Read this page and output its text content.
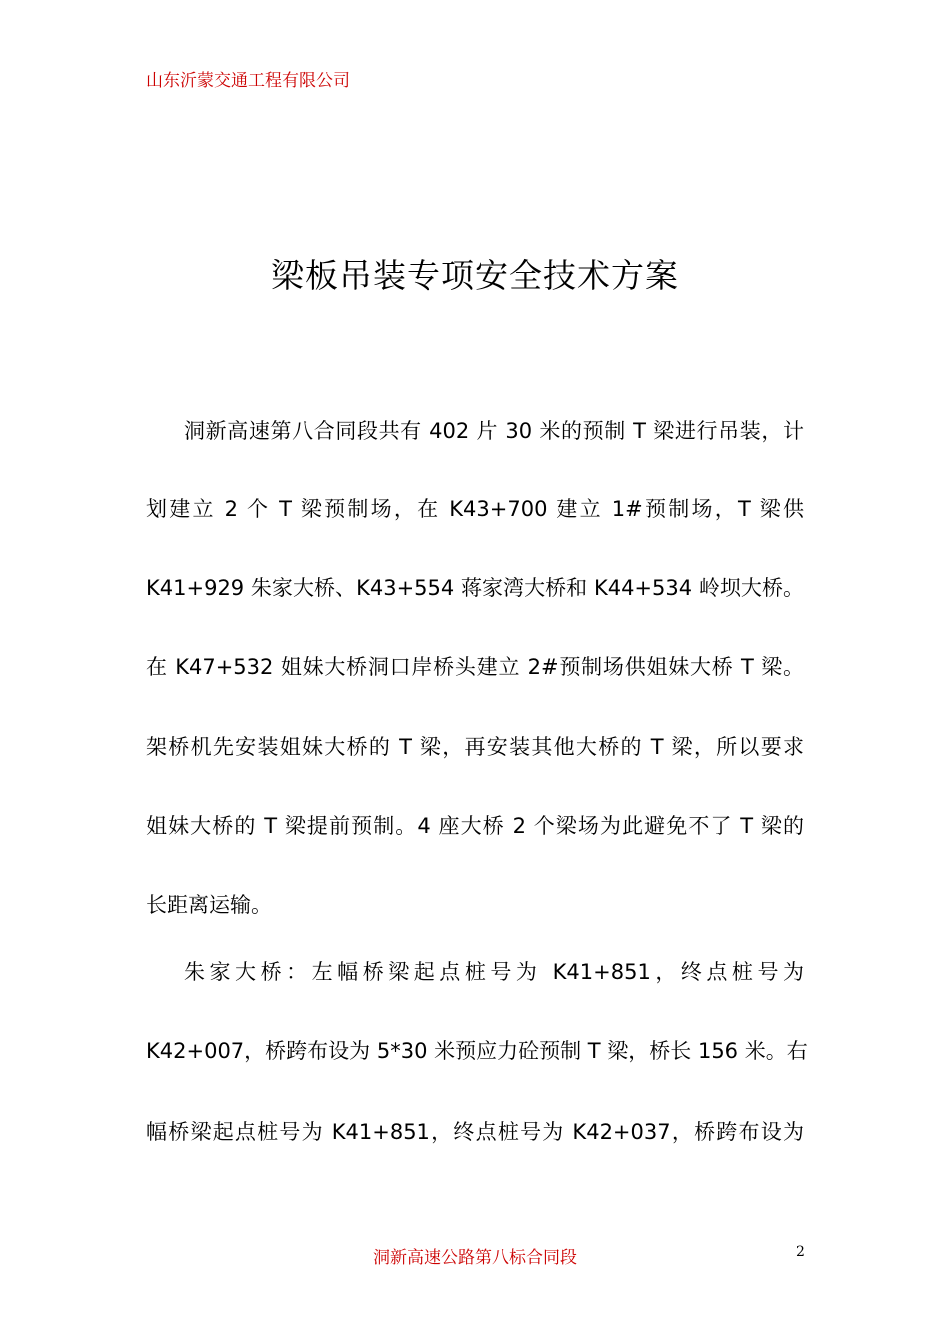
山东沂蒙交通工程有限公司
梁板吊装专项安全技术方案
洞新高速第八合同段共有 402 片 30 米的预制 T 梁进行吊装，计
划建立 2 个 T 梁预制场，在 K43+700 建立 1#预制场，T 梁供
K41+929 朱家大桥、K43+554 蒋家湾大桥和 K44+534 岭坝大桥。
在 K47+532 姐妹大桥洞口岸桥头建立 2#预制场供姐妹大桥 T 梁。
架桥机先安装姐妹大桥的 T 梁，再安装其他大桥的 T 梁，所以要求
姐妹大桥的 T 梁提前预制。4 座大桥 2 个梁场为此避免不了 T 梁的
长距离运输。
朱家大桥：左幅桥梁起点桩号为 K41+851，终点桩号为
K42+007，桥跨布设为 5*30 米预应力砼预制 T 梁，桥长 156 米。右
幅桥梁起点桩号为 K41+851，终点桩号为 K42+037，桥跨布设为
洞新高速公路第八标合同段	2
